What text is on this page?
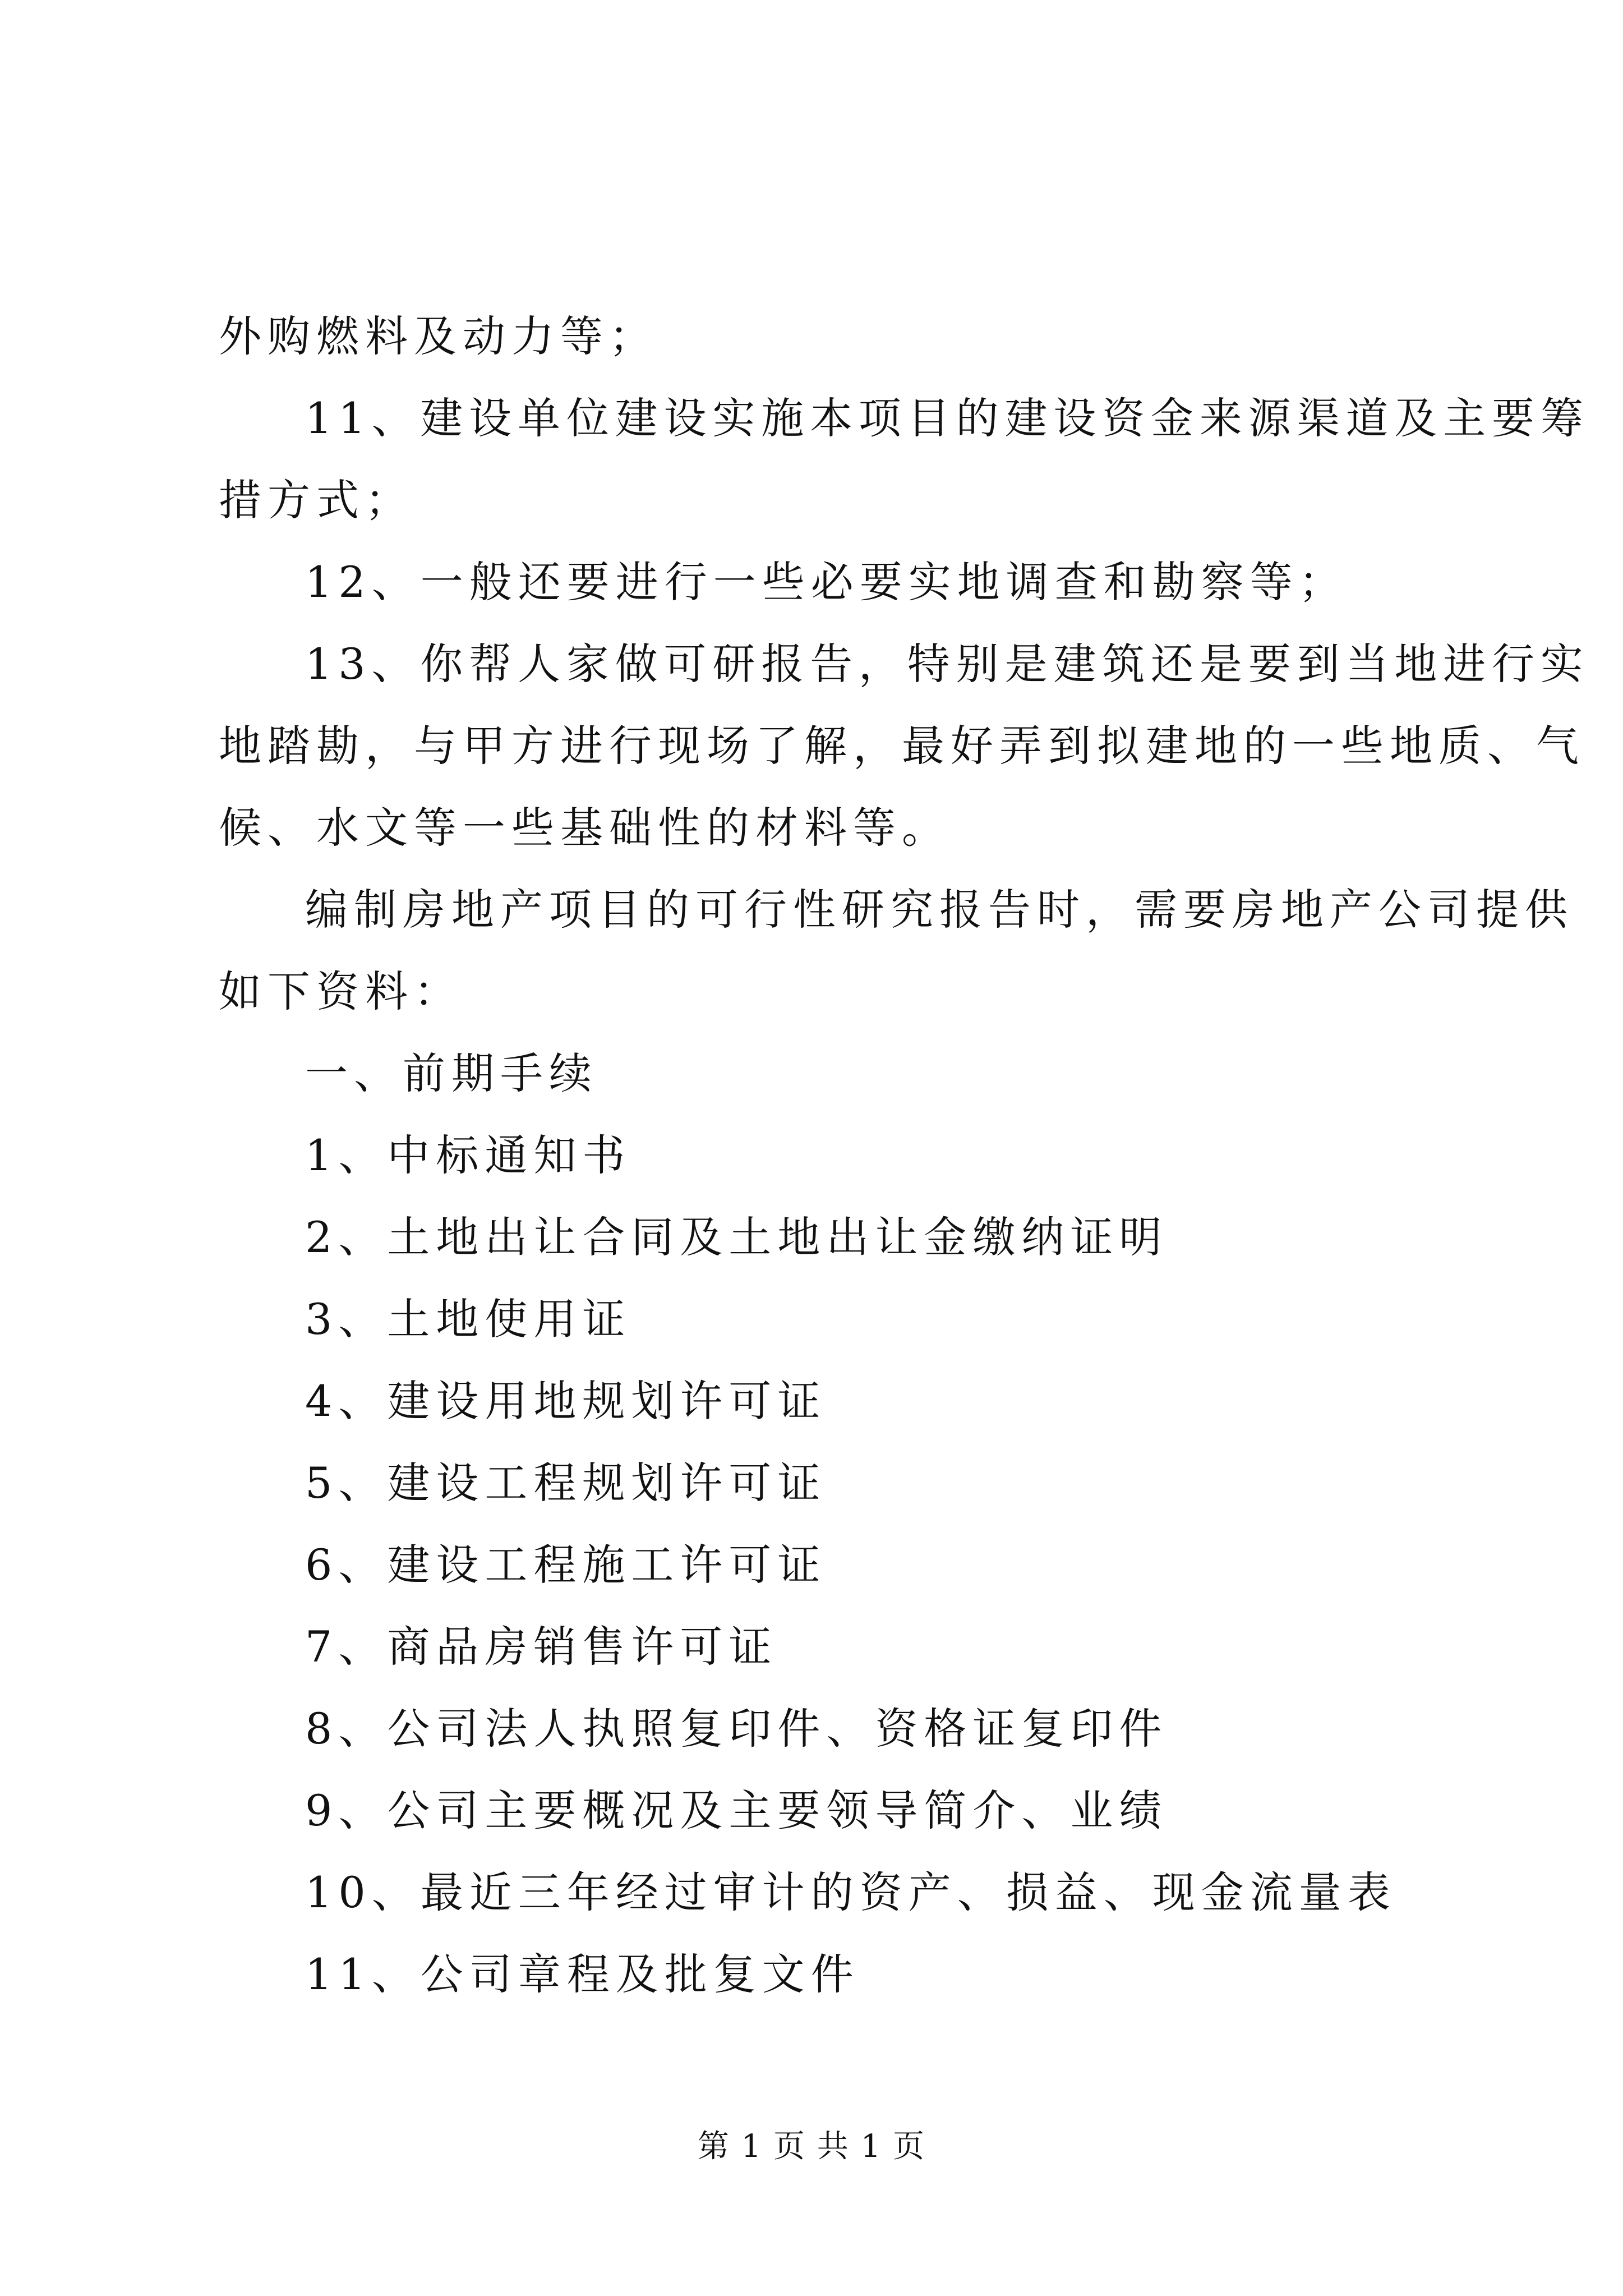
外购燃料及动力等；
11、建设单位建设实施本项目的建设资金来源渠道及主要筹
措方式；
12、一般还要进行一些必要实地调查和勘察等；
13、你帮人家做可研报告，特别是建筑还是要到当地进行实
地踏勘，与甲方进行现场了解，最好弄到拟建地的一些地质、气
候、水文等一些基础性的材料等。
编制房地产项目的可行性研究报告时，需要房地产公司提供
如下资料：
一、前期手续
1、中标通知书
2、土地出让合同及土地出让金缴纳证明
3、土地使用证
4、建设用地规划许可证
5、建设工程规划许可证
6、建设工程施工许可证
7、商品房销售许可证
8、公司法人执照复印件、资格证复印件
9、公司主要概况及主要领导简介、业绩
10、最近三年经过审计的资产、损益、现金流量表
11、公司章程及批复文件
第 1 页 共 1 页
